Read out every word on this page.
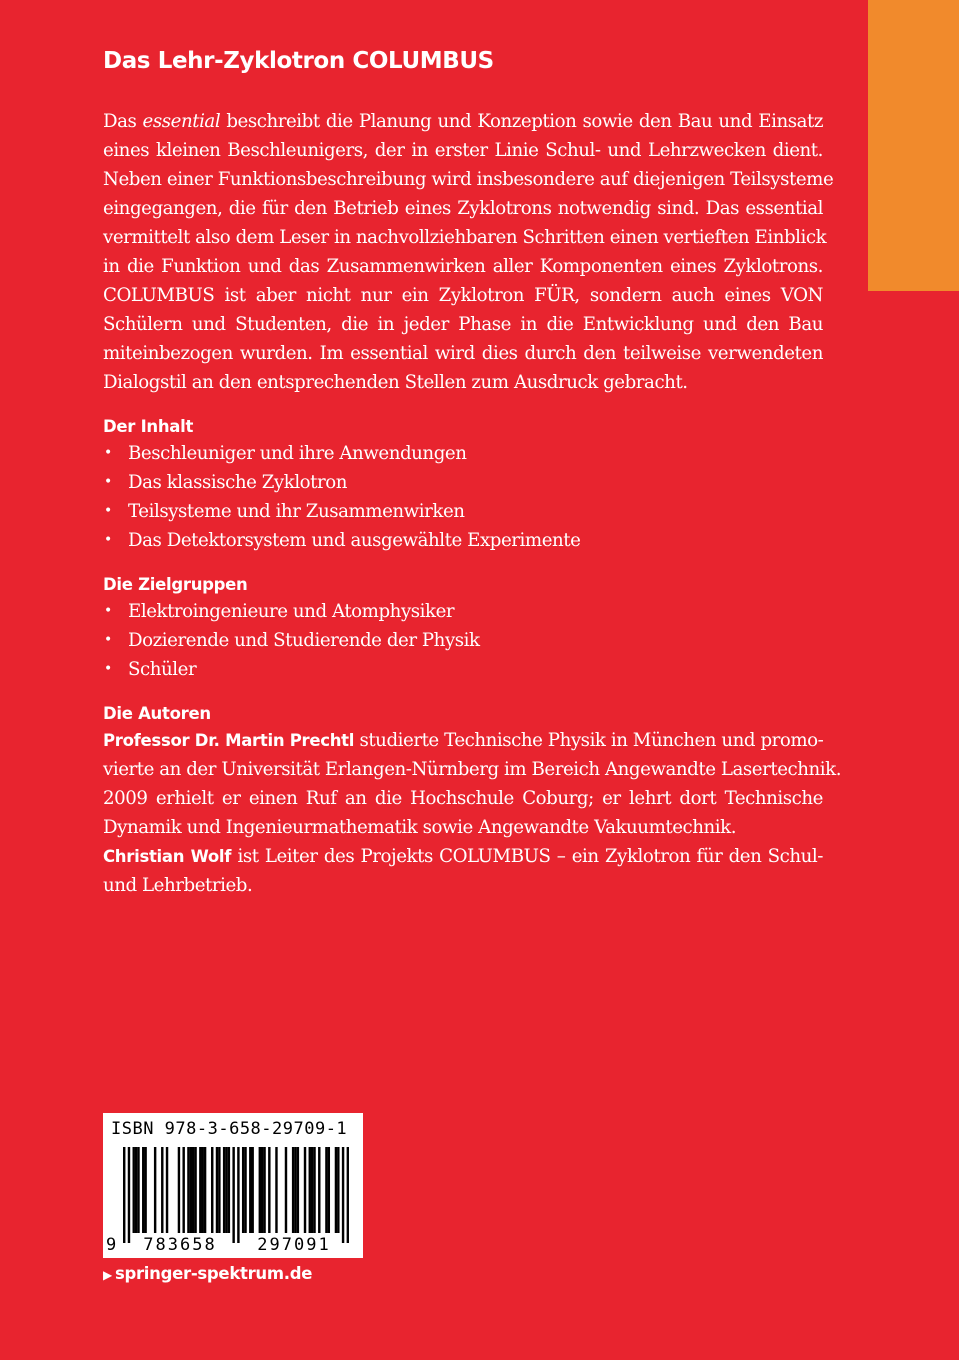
Das Lehr-Zyklotron COLUMBUS
Das essential beschreibt die Planung und Konzeption sowie den Bau und Einsatz
eines kleinen Beschleunigers, der in erster Linie Schul- und Lehrzwecken dient.
Neben einer Funktionsbeschreibung wird insbesondere auf diejenigen Teilsysteme
eingegangen, die für den Betrieb eines Zyklotrons notwendig sind. Das essential
vermittelt also dem Leser in nachvollziehbaren Schritten einen vertieften Einblick
in die Funktion und das Zusammenwirken aller Komponenten eines Zyklotrons.
COLUMBUS ist aber nicht nur ein Zyklotron FÜR, sondern auch eines VON
Schülern und Studenten, die in jeder Phase in die Entwicklung und den Bau
miteinbezogen wurden. Im essential wird dies durch den teilweise verwendeten
Dialogstil an den entsprechenden Stellen zum Ausdruck gebracht.
Der Inhalt
• Beschleuniger und ihre Anwendungen
• Das klassische Zyklotron
• Teilsysteme und ihr Zusammenwirken
• Das Detektorsystem und ausgewählte Experimente
Die Zielgruppen
• Elektroingenieure und Atomphysiker
• Dozierende und Studierende der Physik
• Schüler
Die Autoren
Professor Dr. Martin Prechtl studierte Technische Physik in München und promo-
vierte an der Universität Erlangen-Nürnberg im Bereich Angewandte Lasertechnik.
2009 erhielt er einen Ruf an die Hochschule Coburg; er lehrt dort Technische
Dynamik und Ingenieurmathematik sowie Angewandte Vakuumtechnik.
Christian Wolf ist Leiter des Projekts COLUMBUS – ein Zyklotron für den Schul-
und Lehrbetrieb.
ISBN 978-3-658-29709-1
9	783658	297091
▶ springer-spektrum.de
